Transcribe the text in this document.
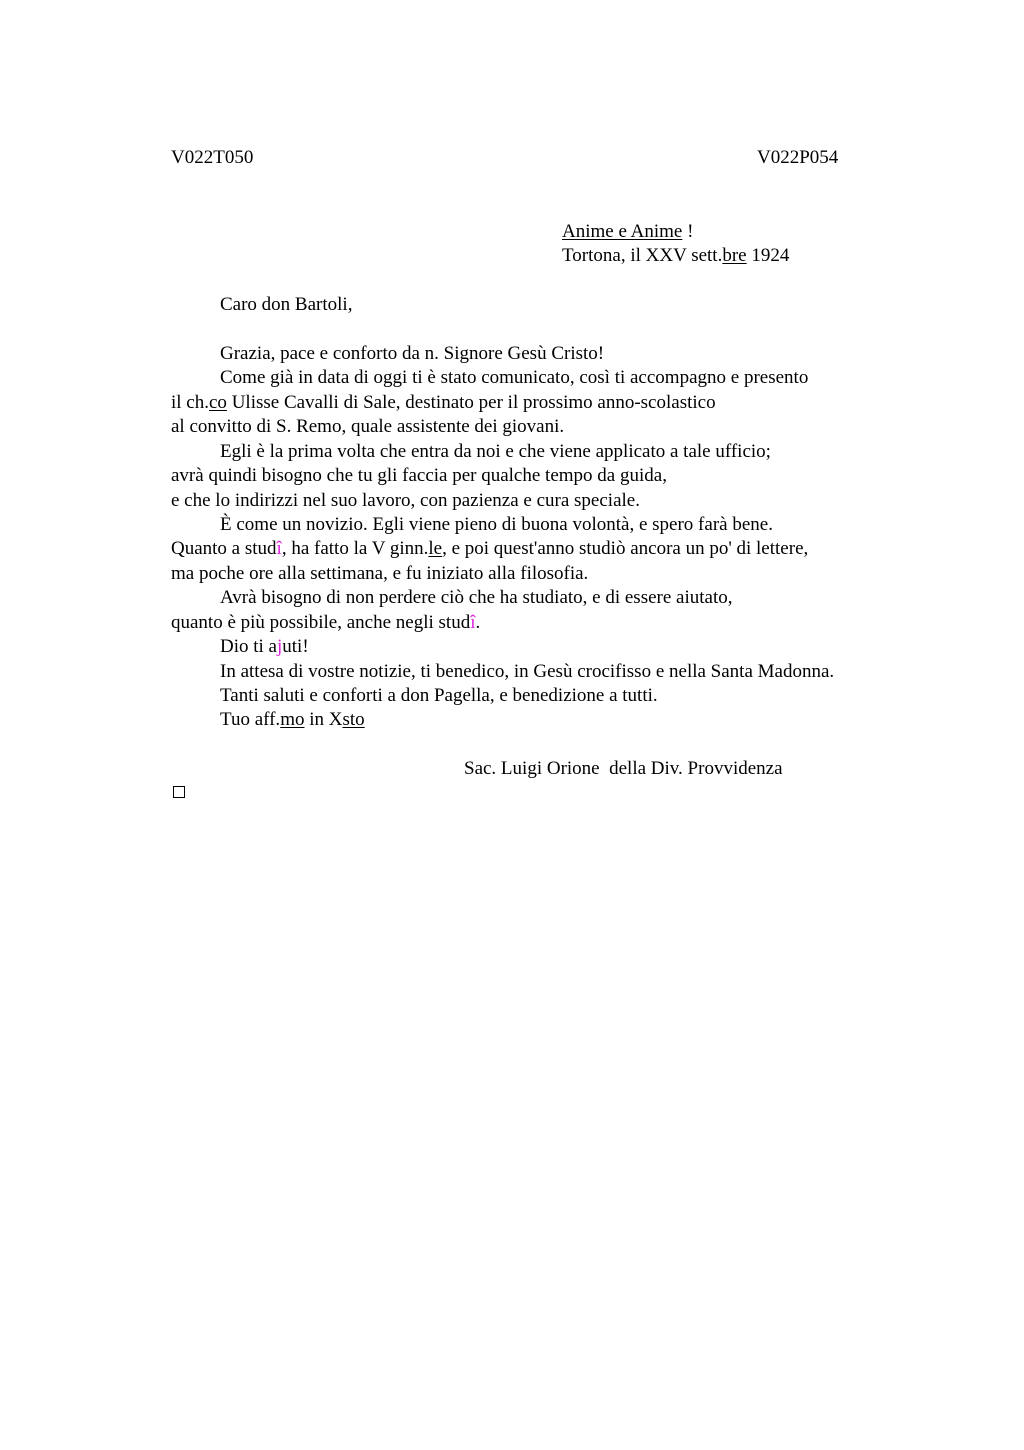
V022T050	V022P054
Anime e Anime !
Tortona, il XXV sett.bre 1924
Caro don Bartoli,
Grazia, pace e conforto da n. Signore Gesù Cristo!
Come già in data di oggi ti è stato comunicato, così ti accompagno e presento
il ch.co Ulisse Cavalli di Sale, destinato per il prossimo anno-scolastico
al convitto di S. Remo, quale assistente dei giovani.
Egli è la prima volta che entra da noi e che viene applicato a tale ufficio;
avrà quindi bisogno che tu gli faccia per qualche tempo da guida,
e che lo indirizzi nel suo lavoro, con pazienza e cura speciale.
È come un novizio. Egli viene pieno di buona volontà, e spero farà bene.
Quanto a studî, ha fatto la V ginn.le, e poi quest'anno studiò ancora un po' di lettere,
ma poche ore alla settimana, e fu iniziato alla filosofia.
Avrà bisogno di non perdere ciò che ha studiato, e di essere aiutato,
quanto è più possibile, anche negli studî.
Dio ti ajuti!
In attesa di vostre notizie, ti benedico, in Gesù crocifisso e nella Santa Madonna.
Tanti saluti e conforti a don Pagella, e benedizione a tutti.
Tuo aff.mo in Xsto
Sac. Luigi Orione  della Div. Provvidenza
